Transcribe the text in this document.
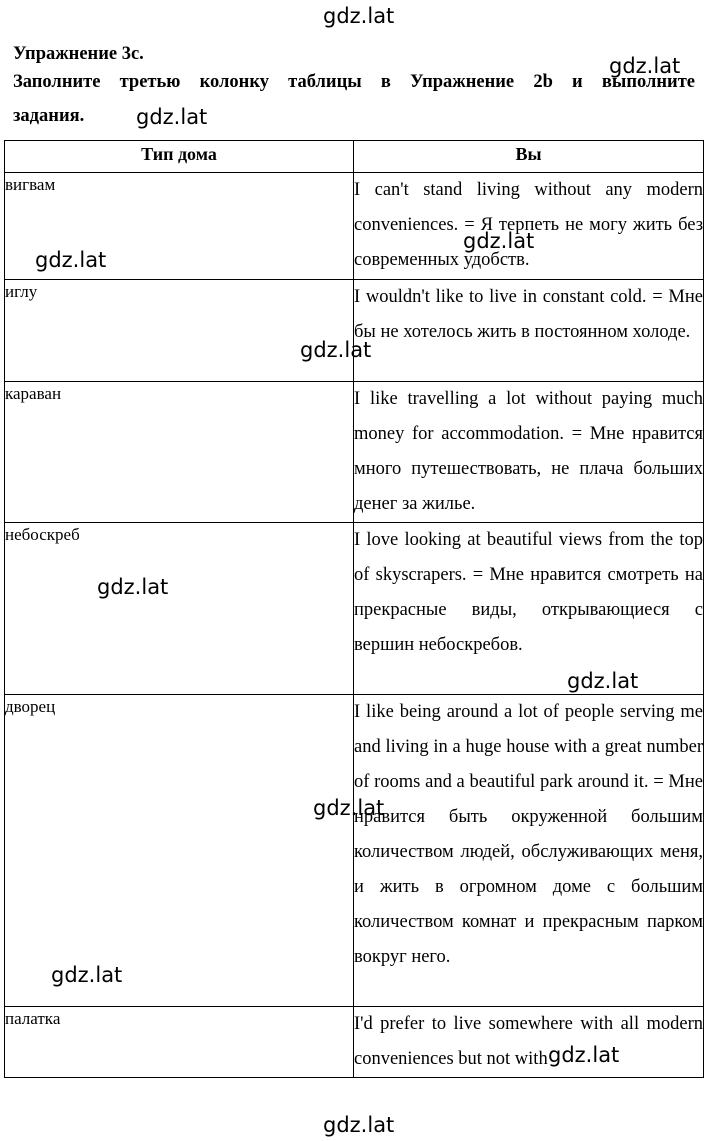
gdz.lat
gdz.lat
gdz.lat
gdz.lat
gdz.lat
gdz.lat
gdz.lat
gdz.lat
gdz.lat
gdz.lat
gdz.lat
gdz.lat
Упражнение 3с.
Заполните третью колонку таблицы в Упражнение 2b и выполните
задания.
Тип дома	Вы
вигвам	I can't stand living without any modern conveniences. = Я терпеть не могу жить без современных удобств.
иглу	I wouldn't like to live in constant cold. = Мне бы не хотелось жить в постоянном холоде.
караван	I like travelling a lot without paying much money for accommodation. = Мне нравится много путешествовать, не плача больших денег за жилье.
небоскреб	I love looking at beautiful views from the top of skyscrapers. = Мне нравится смотреть на прекрасные виды, открывающиеся с вершин небоскребов.
дворец	I like being around a lot of people serving me and living in a huge house with a great number of rooms and a beautiful park around it. = Мне нравится быть окруженной большим количеством людей, обслуживающих меня, и жить в огромном доме с большим количеством комнат и прекрасным парком вокруг него.
палатка	I'd prefer to live somewhere with all modern conveniences but not with
